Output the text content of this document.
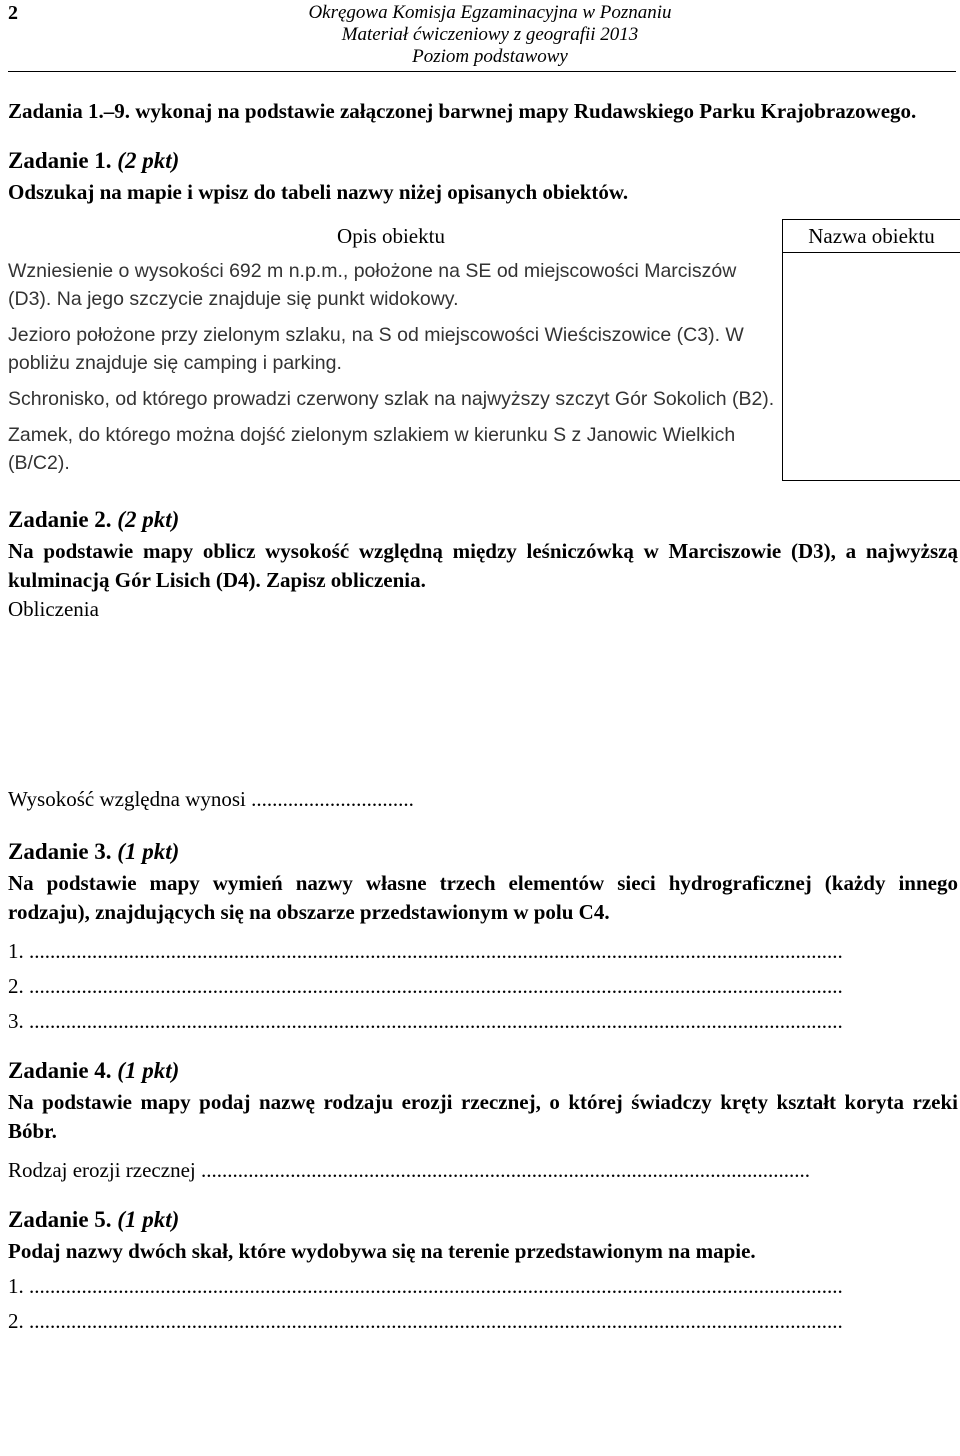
2	Okręgowa Komisja Egzaminacyjna w Poznaniu
Materiał ćwiczeniowy z geografii 2013
Poziom podstawowy

Zadania 1.–9. wykonaj na podstawie załączonej barwnej mapy Rudawskiego Parku Krajobrazowego.

Zadanie 1. (2 pkt)

Odszukaj na mapie i wpisz do tabeli nazwy niżej opisanych obiektów.

Opis obiektu	Nazwa obiektu
Wzniesienie o wysokości 692 m n.p.m., położone na SE od miejscowości Marciszów (D3). Na jego szczycie znajduje się punkt widokowy.	
Jezioro położone przy zielonym szlaku, na S od miejscowości Wieściszowice (C3). W pobliżu znajduje się camping i parking.	
Schronisko, od którego prowadzi czerwony szlak na najwyższy szczyt Gór Sokolich (B2).	
Zamek, do którego można dojść zielonym szlakiem w kierunku S z Janowic Wielkich (B/C2).	

Zadanie 2. (2 pkt)

Na podstawie mapy oblicz wysokość względną między leśniczówką w Marciszowie (D3), a najwyższą kulminacją Gór Lisich (D4). Zapisz obliczenia.

Obliczenia

Wysokość względna wynosi ...............................

Zadanie 3. (1 pkt)

Na podstawie mapy wymień nazwy własne trzech elementów sieci hydrograficznej (każdy innego rodzaju), znajdujących się na obszarze przedstawionym w polu C4.

1. ...........................................................................................................................................................

2. ...........................................................................................................................................................

3. ...........................................................................................................................................................

Zadanie 4. (1 pkt)

Na podstawie mapy podaj nazwę rodzaju erozji rzecznej, o której świadczy kręty kształt koryta rzeki Bóbr.

Rodzaj erozji rzecznej ....................................................................................................................

Zadanie 5. (1 pkt)

Podaj nazwy dwóch skał, które wydobywa się na terenie przedstawionym na mapie.

1. ...........................................................................................................................................................

2. ...........................................................................................................................................................
